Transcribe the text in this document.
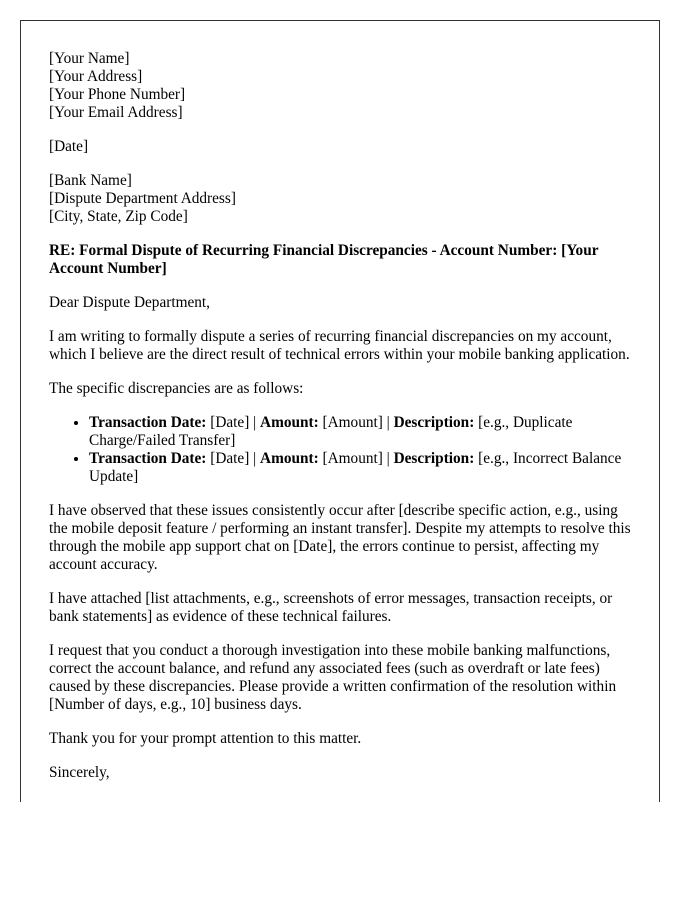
[Your Name]
[Your Address]
[Your Phone Number]
[Your Email Address]
[Date]
[Bank Name]
[Dispute Department Address]
[City, State, Zip Code]
RE: Formal Dispute of Recurring Financial Discrepancies - Account Number: [Your Account Number]
Dear Dispute Department,
I am writing to formally dispute a series of recurring financial discrepancies on my account, which I believe are the direct result of technical errors within your mobile banking application.
The specific discrepancies are as follows:
• Transaction Date: [Date] | Amount: [Amount] | Description: [e.g., Duplicate Charge/Failed Transfer]
• Transaction Date: [Date] | Amount: [Amount] | Description: [e.g., Incorrect Balance Update]
I have observed that these issues consistently occur after [describe specific action, e.g., using the mobile deposit feature / performing an instant transfer]. Despite my attempts to resolve this through the mobile app support chat on [Date], the errors continue to persist, affecting my account accuracy.
I have attached [list attachments, e.g., screenshots of error messages, transaction receipts, or bank statements] as evidence of these technical failures.
I request that you conduct a thorough investigation into these mobile banking malfunctions, correct the account balance, and refund any associated fees (such as overdraft or late fees) caused by these discrepancies. Please provide a written confirmation of the resolution within [Number of days, e.g., 10] business days.
Thank you for your prompt attention to this matter.
Sincerely,
